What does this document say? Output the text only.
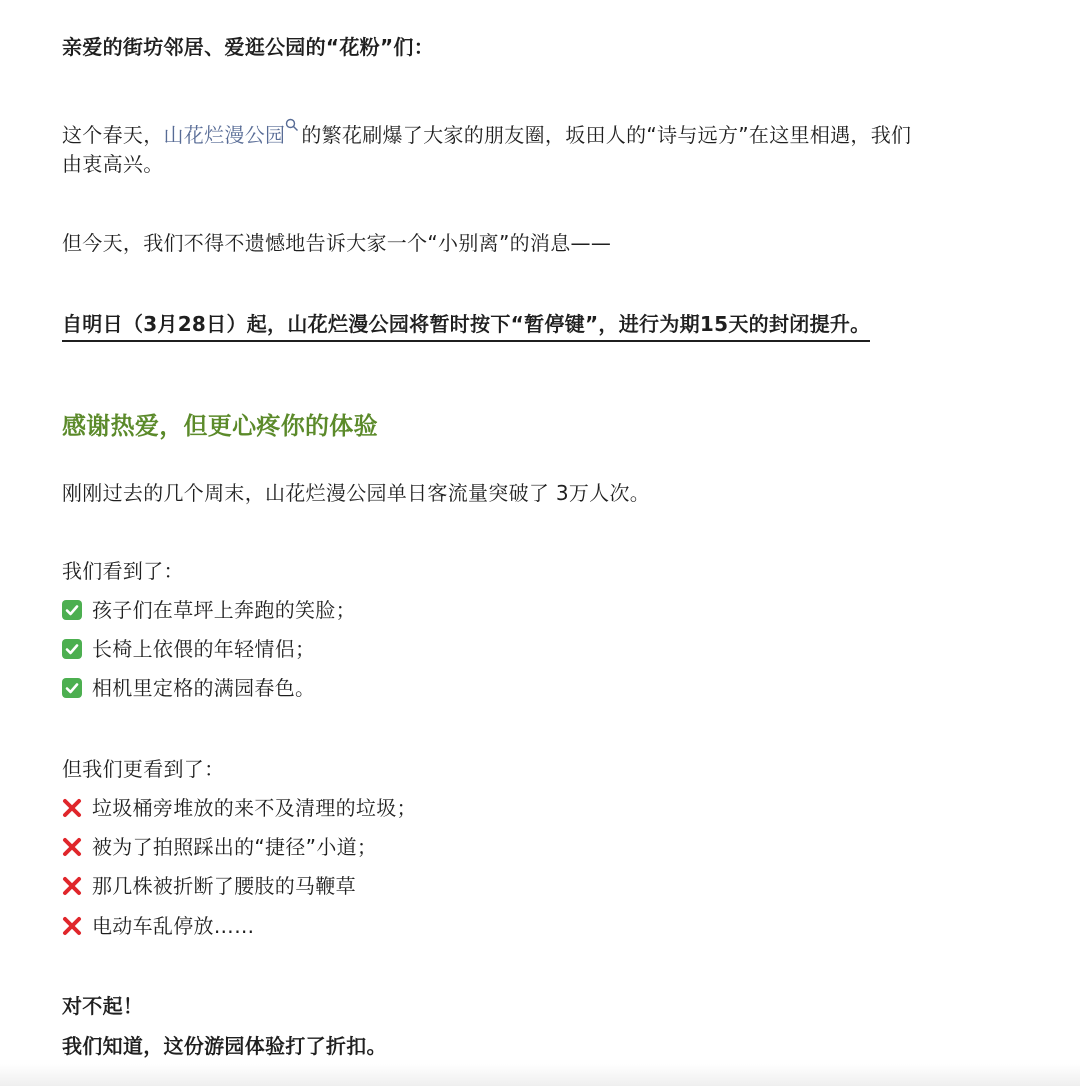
亲爱的街坊邻居、爱逛公园的“花粉”们：
这个春天，山花烂漫公园 的繁花刷爆了大家的朋友圈，坂田人的“诗与远方”在这里相遇，我们
由衷高兴。
但今天，我们不得不遗憾地告诉大家一个“小别离”的消息——
自明日（3月28日）起，山花烂漫公园将暂时按下“暂停键”，进行为期15天的封闭提升。
感谢热爱，但更心疼你的体验
刚刚过去的几个周末，山花烂漫公园单日客流量突破了 3万人次。
我们看到了：
孩子们在草坪上奔跑的笑脸；
长椅上依偎的年轻情侣；
相机里定格的满园春色。
但我们更看到了：
垃圾桶旁堆放的来不及清理的垃圾；
被为了拍照踩出的“捷径”小道；
那几株被折断了腰肢的马鞭草
电动车乱停放……
对不起！
我们知道，这份游园体验打了折扣。
